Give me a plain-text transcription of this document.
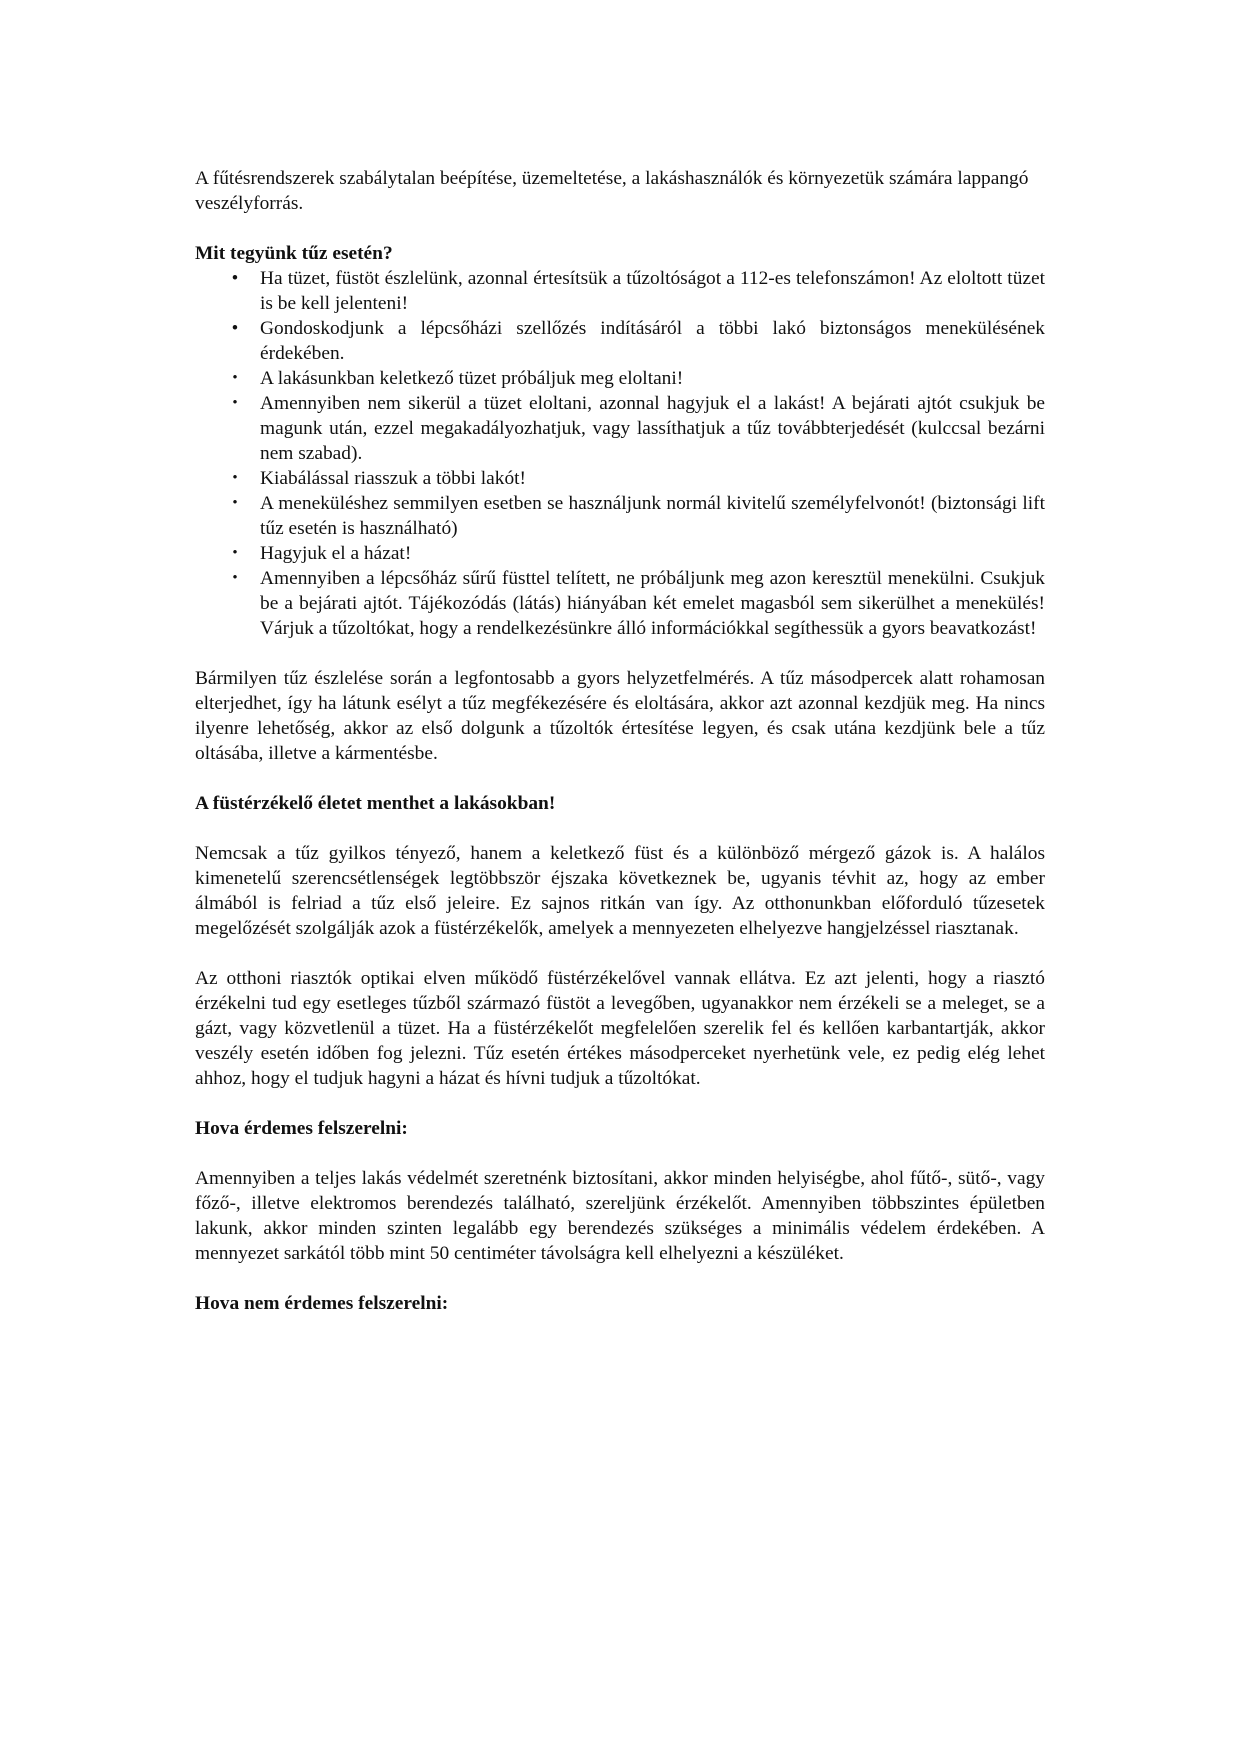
A fűtésrendszerek szabálytalan beépítése, üzemeltetése, a lakáshasználók és környezetük számára lappangó veszélyforrás.

Mit tegyünk tűz esetén?
• Ha tüzet, füstöt észlelünk, azonnal értesítsük a tűzoltóságot a 112-es telefonszámon! Az eloltott tüzet is be kell jelenteni!
• Gondoskodjunk a lépcsőházi szellőzés indításáról a többi lakó biztonságos menekülésének érdekében.
• A lakásunkban keletkező tüzet próbáljuk meg eloltani!
• Amennyiben nem sikerül a tüzet eloltani, azonnal hagyjuk el a lakást! A bejárati ajtót csukjuk be magunk után, ezzel megakadályozhatjuk, vagy lassíthatjuk a tűz továbbterjedését (kulccsal bezárni nem szabad).
• Kiabálással riasszuk a többi lakót!
• A meneküléshez semmilyen esetben se használjunk normál kivitelű személyfelvonót! (biztonsági lift tűz esetén is használható)
• Hagyjuk el a házat!
• Amennyiben a lépcsőház sűrű füsttel telített, ne próbáljunk meg azon keresztül menekülni. Csukjuk be a bejárati ajtót. Tájékozódás (látás) hiányában két emelet magasból sem sikerülhet a menekülés! Várjuk a tűzoltókat, hogy a rendelkezésünkre álló információkkal segíthessük a gyors beavatkozást!

Bármilyen tűz észlelése során a legfontosabb a gyors helyzetfelmérés. A tűz másodpercek alatt rohamosan elterjedhet, így ha látunk esélyt a tűz megfékezésére és eloltására, akkor azt azonnal kezdjük meg. Ha nincs ilyenre lehetőség, akkor az első dolgunk a tűzoltók értesítése legyen, és csak utána kezdjünk bele a tűz oltásába, illetve a kármentésbe.

A füstérzékelő életet menthet a lakásokban!

Nemcsak a tűz gyilkos tényező, hanem a keletkező füst és a különböző mérgező gázok is. A halálos kimenetelű szerencsétlenségek legtöbbször éjszaka következnek be, ugyanis tévhit az, hogy az ember álmából is felriad a tűz első jeleire. Ez sajnos ritkán van így. Az otthonunkban előforduló tűzesetek megelőzését szolgálják azok a füstérzékelők, amelyek a mennyezeten elhelyezve hangjelzéssel riasztanak.

Az otthoni riasztók optikai elven működő füstérzékelővel vannak ellátva. Ez azt jelenti, hogy a riasztó érzékelni tud egy esetleges tűzből származó füstöt a levegőben, ugyanakkor nem érzékeli se a meleget, se a gázt, vagy közvetlenül a tüzet. Ha a füstérzékelőt megfelelően szerelik fel és kellően karbantartják, akkor veszély esetén időben fog jelezni. Tűz esetén értékes másodperceket nyerhetünk vele, ez pedig elég lehet ahhoz, hogy el tudjuk hagyni a házat és hívni tudjuk a tűzoltókat.

Hova érdemes felszerelni:

Amennyiben a teljes lakás védelmét szeretnénk biztosítani, akkor minden helyiségbe, ahol fűtő-, sütő-, vagy főző-, illetve elektromos berendezés található, szereljünk érzékelőt. Amennyiben többszintes épületben lakunk, akkor minden szinten legalább egy berendezés szükséges a minimális védelem érdekében. A mennyezet sarkától több mint 50 centiméter távolságra kell elhelyezni a készüléket.

Hova nem érdemes felszerelni:
